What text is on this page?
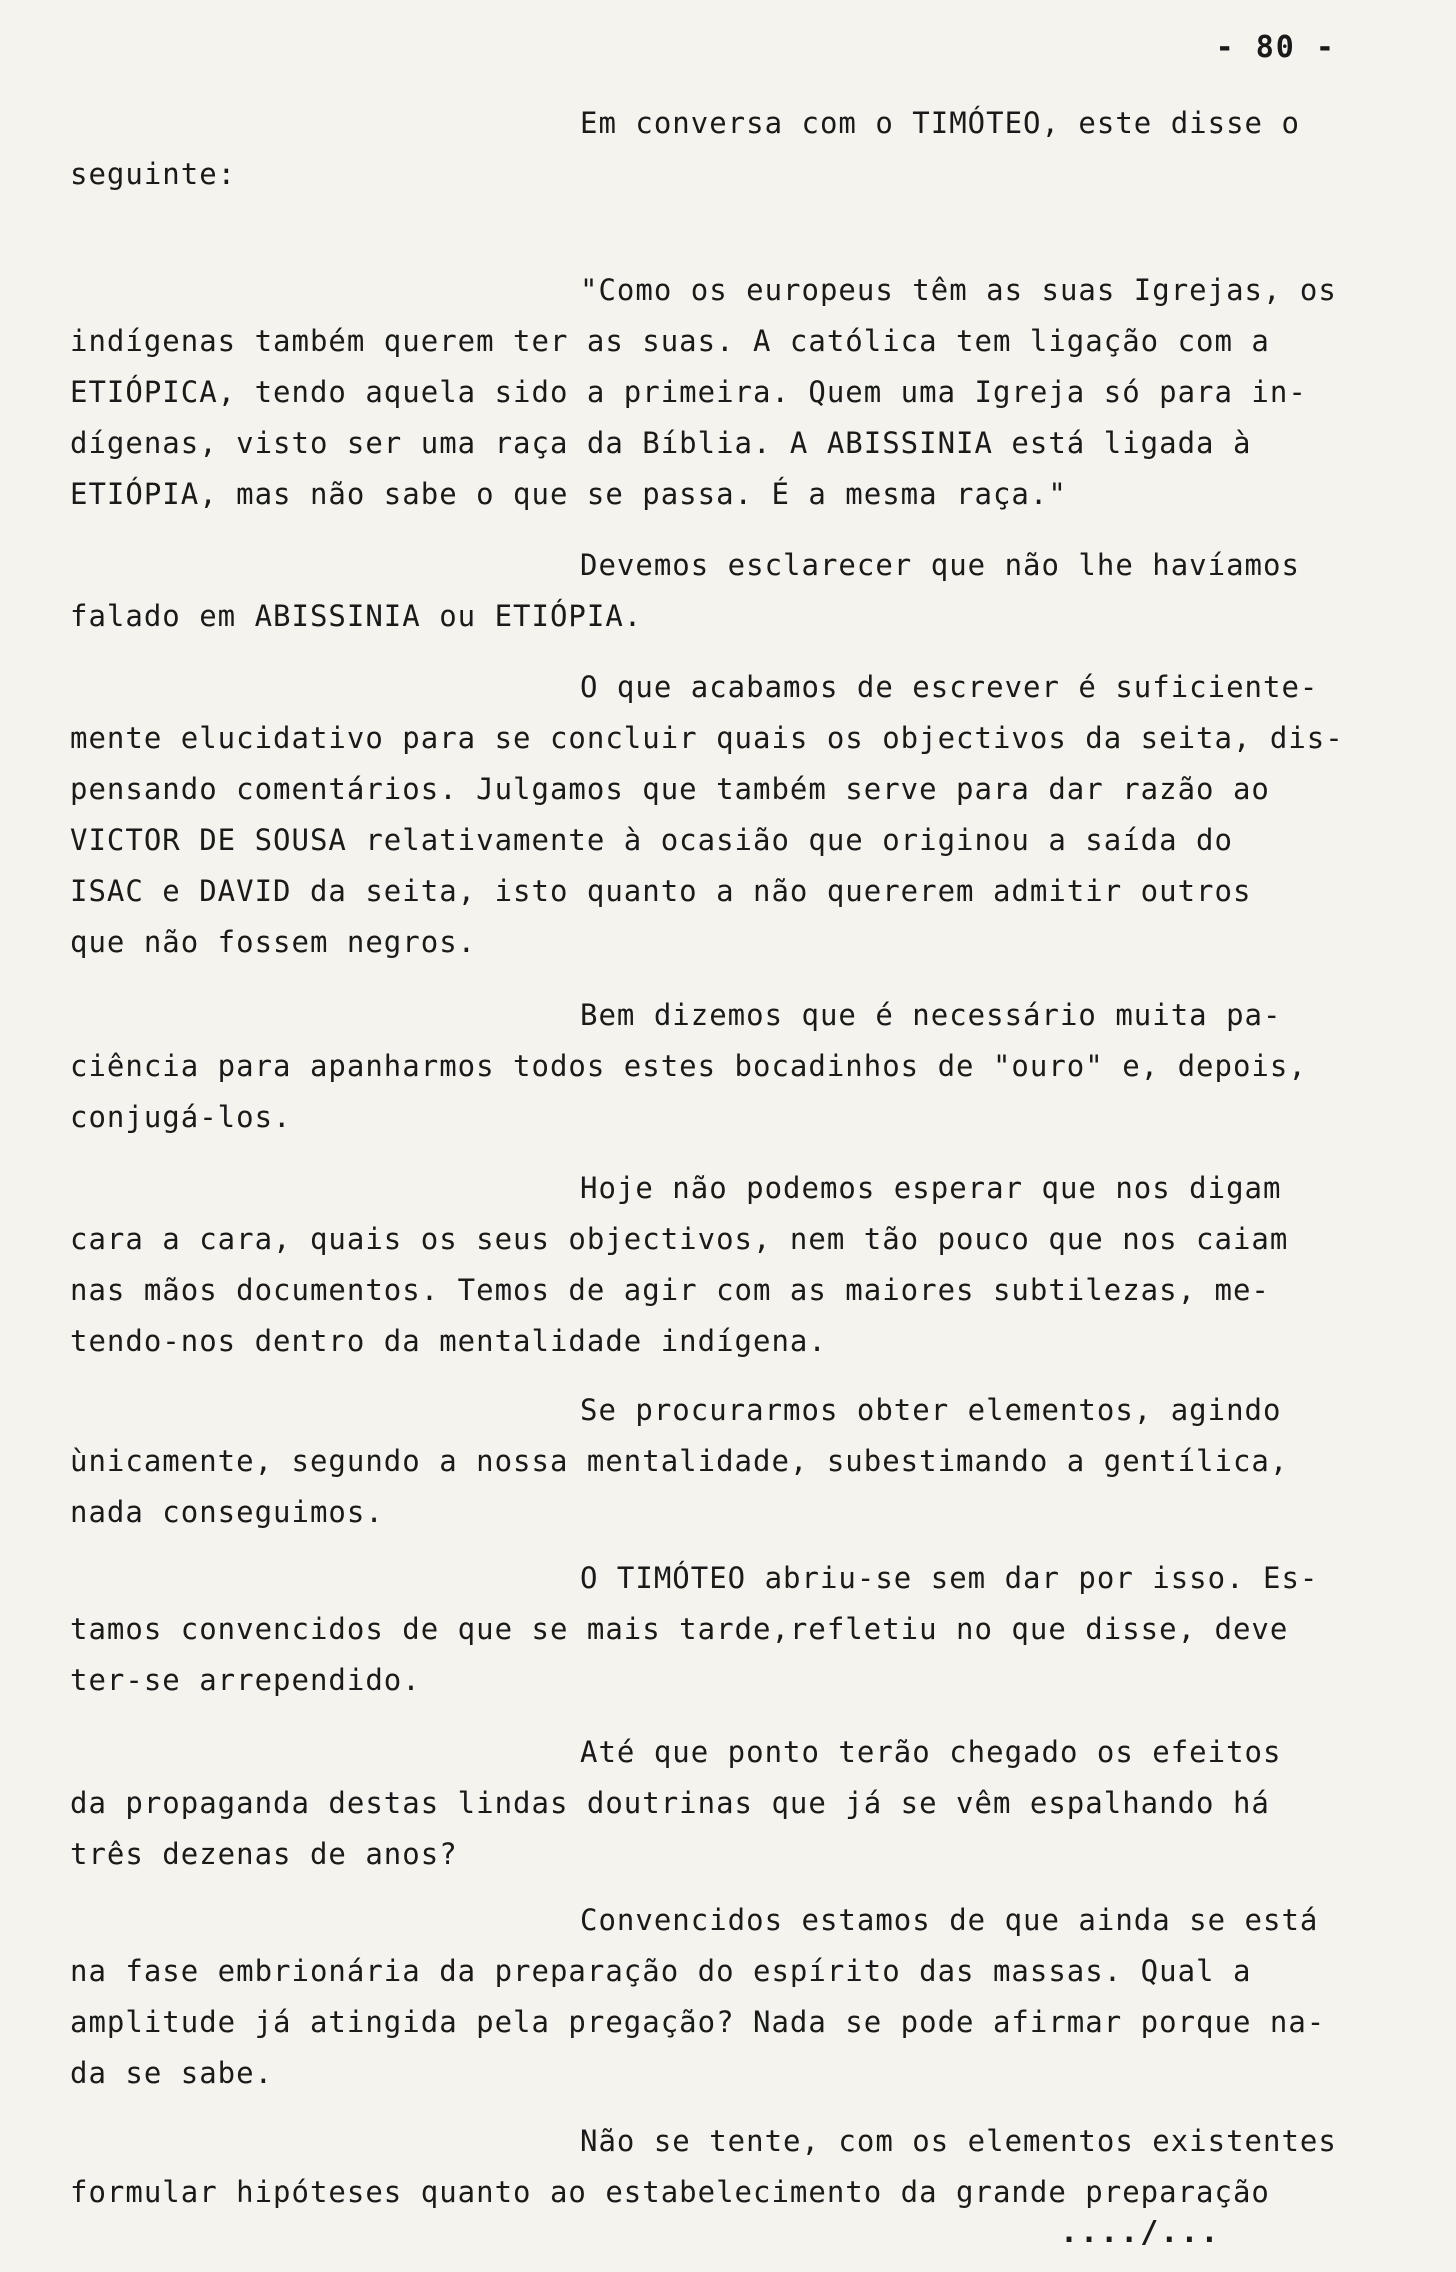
- 80 -
Em conversa com o TIMÓTEO, este disse o
seguinte:
"Como os europeus têm as suas Igrejas, os
indígenas também querem ter as suas. A católica tem ligação com a
ETIÓPICA, tendo aquela sido a primeira. Quem uma Igreja só para in-
dígenas, visto ser uma raça da Bíblia. A ABISSINIA está ligada à
ETIÓPIA, mas não sabe o que se passa. É a mesma raça."
Devemos esclarecer que não lhe havíamos
falado em ABISSINIA ou ETIÓPIA.
O que acabamos de escrever é suficiente-
mente elucidativo para se concluir quais os objectivos da seita, dis-
pensando comentários. Julgamos que também serve para dar razão ao
VICTOR DE SOUSA relativamente à ocasião que originou a saída do
ISAC e DAVID da seita, isto quanto a não quererem admitir outros
que não fossem negros.
Bem dizemos que é necessário muita pa-
ciência para apanharmos todos estes bocadinhos de "ouro" e, depois,
conjugá-los.
Hoje não podemos esperar que nos digam
cara a cara, quais os seus objectivos, nem tão pouco que nos caiam
nas mãos documentos. Temos de agir com as maiores subtilezas, me-
tendo-nos dentro da mentalidade indígena.
Se procurarmos obter elementos, agindo
ùnicamente, segundo a nossa mentalidade, subestimando a gentílica,
nada conseguimos.
O TIMÓTEO abriu-se sem dar por isso. Es-
tamos convencidos de que se mais tarde,refletiu no que disse, deve
ter-se arrependido.
Até que ponto terão chegado os efeitos
da propaganda destas lindas doutrinas que já se vêm espalhando há
três dezenas de anos?
Convencidos estamos de que ainda se está
na fase embrionária da preparação do espírito das massas. Qual a
amplitude já atingida pela pregação? Nada se pode afirmar porque na-
da se sabe.
Não se tente, com os elementos existentes
formular hipóteses quanto ao estabelecimento da grande preparação
..../...
